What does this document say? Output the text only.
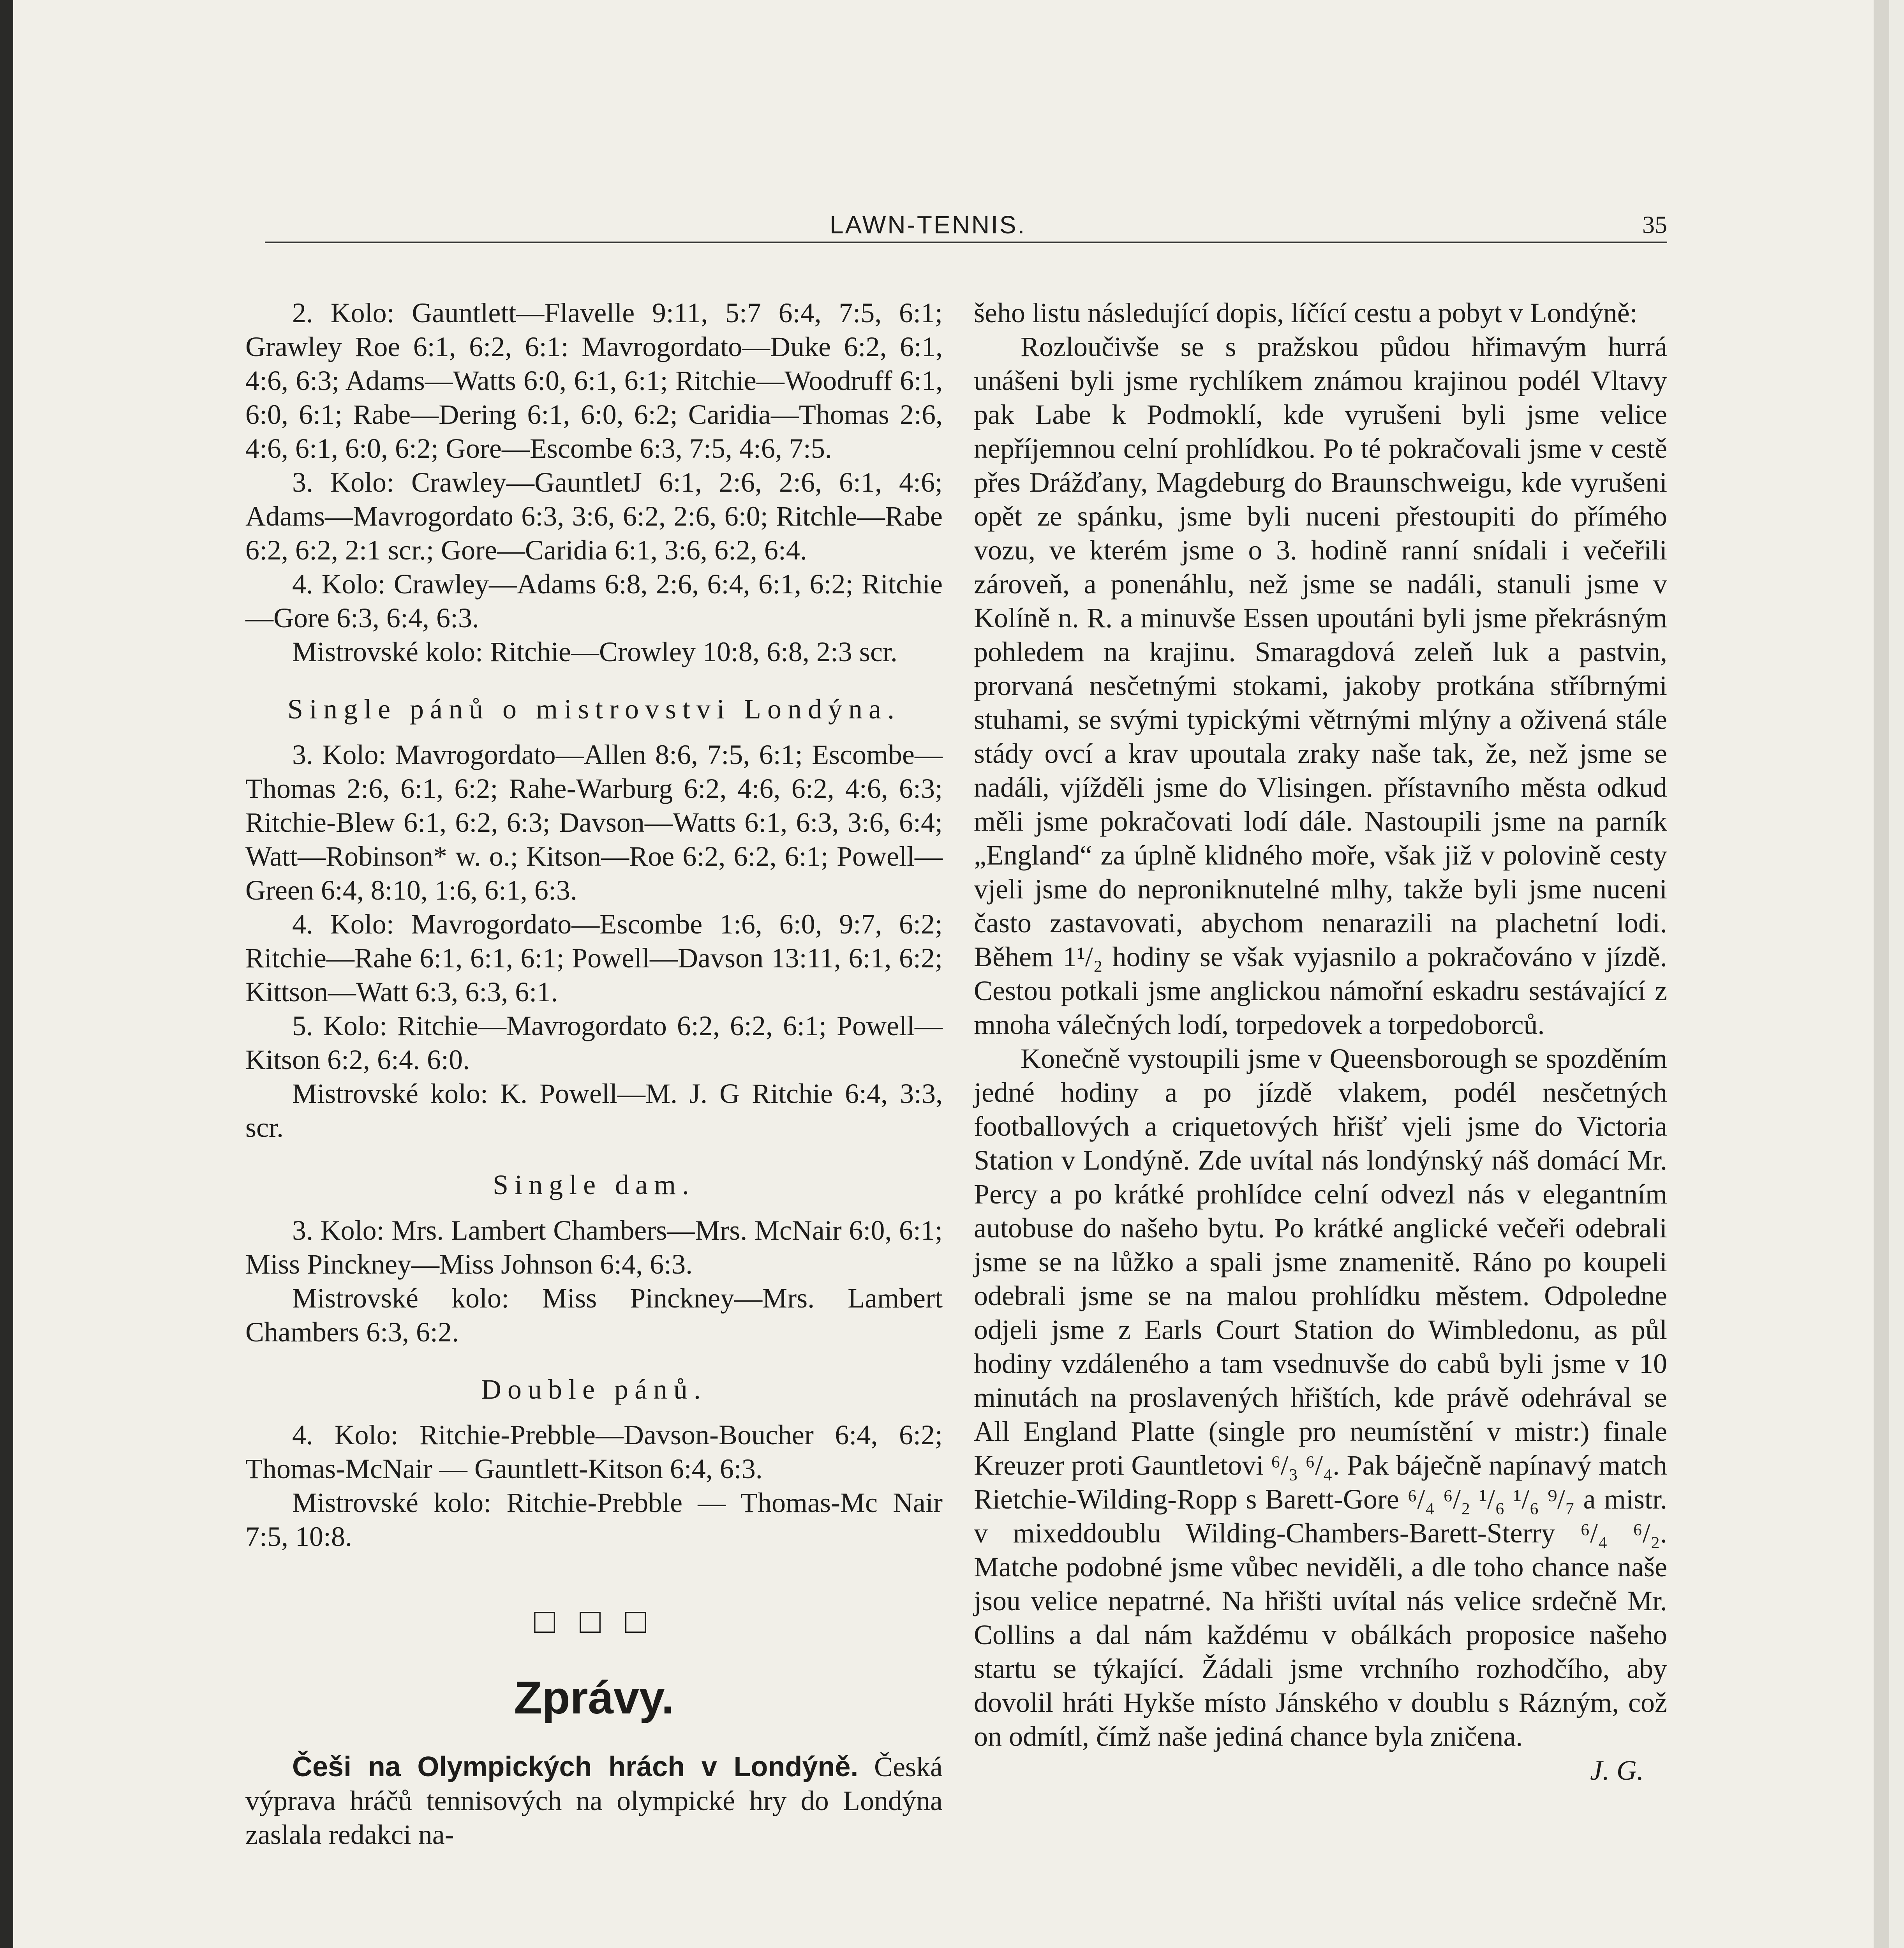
LAWN-TENNIS.	35

2. Kolo: Gauntlett—Flavelle 9:11, 5:7 6:4, 7:5, 6:1; Grawley Roe 6:1, 6:2, 6:1: Mavrogordato—Duke 6:2, 6:1, 4:6, 6:3; Adams—Watts 6:0, 6:1, 6:1; Ritchie—Woodruff 6:1, 6:0, 6:1; Rabe—Dering 6:1, 6:0, 6:2; Caridia—Thomas 2:6, 4:6, 6:1, 6:0, 6:2; Gore—Escombe 6:3, 7:5, 4:6, 7:5.

3. Kolo: Crawley—GauntletJ 6:1, 2:6, 2:6, 6:1, 4:6; Adams—Mavrogordato 6:3, 3:6, 6:2, 2:6, 6:0; Ritchle—Rabe 6:2, 6:2, 2:1 scr.; Gore—Caridia 6:1, 3:6, 6:2, 6:4.

4. Kolo: Crawley—Adams 6:8, 2:6, 6:4, 6:1, 6:2; Ritchie—Gore 6:3, 6:4, 6:3.

Mistrovské kolo: Ritchie—Crowley 10:8, 6:8, 2:3 scr.

Single pánů o mistrovstvi Londýna.

3. Kolo: Mavrogordato—Allen 8:6, 7:5, 6:1; Escombe—Thomas 2:6, 6:1, 6:2; Rahe-Warburg 6:2, 4:6, 6:2, 4:6, 6:3; Ritchie-Blew 6:1, 6:2, 6:3; Davson—Watts 6:1, 6:3, 3:6, 6:4; Watt—Robinson* w. o.; Kitson—Roe 6:2, 6:2, 6:1; Powell—Green 6:4, 8:10, 1:6, 6:1, 6:3.

4. Kolo: Mavrogordato—Escombe 1:6, 6:0, 9:7, 6:2; Ritchie—Rahe 6:1, 6:1, 6:1; Powell—Davson 13:11, 6:1, 6:2; Kittson—Watt 6:3, 6:3, 6:1.

5. Kolo: Ritchie—Mavrogordato 6:2, 6:2, 6:1; Powell—Kitson 6:2, 6:4. 6:0.

Mistrovské kolo: K. Powell—M. J. G Ritchie 6:4, 3:3, scr.

Single dam.

3. Kolo: Mrs. Lambert Chambers—Mrs. McNair 6:0, 6:1; Miss Pinckney—Miss Johnson 6:4, 6:3.

Mistrovské kolo: Miss Pinckney—Mrs. Lambert Chambers 6:3, 6:2.

Double pánů.

4. Kolo: Ritchie-Prebble—Davson-Boucher 6:4, 6:2; Thomas-McNair — Gauntlett-Kitson 6:4, 6:3.

Mistrovské kolo: Ritchie-Prebble — Thomas-Mc Nair 7:5, 10:8.

□ □ □
Zprávy.

Češi na Olympických hrách v Londýně. Česká výprava hráčů tennisových na olympické hry do Londýna zaslala redakci na-

šeho listu následující dopis, líčící cestu a pobyt v Londýně:

Rozloučivše se s pražskou půdou hřimavým hurrá unášeni byli jsme rychlíkem známou krajinou podél Vltavy pak Labe k Podmoklí, kde vyrušeni byli jsme velice nepříjemnou celní prohlídkou. Po té pokračovali jsme v cestě přes Drážďany, Magdeburg do Braunschweigu, kde vyrušeni opět ze spánku, jsme byli nuceni přestoupiti do přímého vozu, ve kterém jsme o 3. hodině ranní snídali i večeřili zároveň, a ponenáhlu, než jsme se nadáli, stanuli jsme v Kolíně n. R. a minuvše Essen upoutáni byli jsme překrásným pohledem na krajinu. Smaragdová zeleň luk a pastvin, prorvaná nesčetnými stokami, jakoby protkána stříbrnými stuhami, se svými typickými větrnými mlýny a oživená stále stády ovcí a krav upoutala zraky naše tak, že, než jsme se nadáli, vjížděli jsme do Vlisingen. přístavního města odkud měli jsme pokračovati lodí dále. Nastoupili jsme na parník „England“ za úplně klidného moře, však již v polovině cesty vjeli jsme do neproniknutelné mlhy, takže byli jsme nuceni často zastavovati, abychom nenarazili na plachetní lodi. Během 1¹/₂ hodiny se však vyjasnilo a pokračováno v jízdě. Cestou potkali jsme anglickou námořní eskadru sestávající z mnoha válečných lodí, torpedovek a torpedoborců.

Konečně vystoupili jsme v Queensborough se spozděním jedné hodiny a po jízdě vlakem, podél nesčetných footballových a criquetových hřišť vjeli jsme do Victoria Station v Londýně. Zde uvítal nás londýnský náš domácí Mr. Percy a po krátké prohlídce celní odvezl nás v elegantním autobuse do našeho bytu. Po krátké anglické večeři odebrali jsme se na lůžko a spali jsme znamenitě. Ráno po koupeli odebrali jsme se na malou prohlídku městem. Odpoledne odjeli jsme z Earls Court Station do Wimbledonu, as půl hodiny vzdáleného a tam vsednuvše do cabů byli jsme v 10 minutách na proslavených hřištích, kde právě odehrával se All England Platte (single pro neumístění v mistr:) finale Kreuzer proti Gauntletovi ⁶/₃ ⁶/₄. Pak báječně napínavý match Rietchie-Wilding-Ropp s Barett-Gore ⁶/₄ ⁶/₂ ¹/₆ ¹/₆ ⁹/₇ a mistr. v mixeddoublu Wilding-Chambers-Barett-Sterry ⁶/₄ ⁶/₂. Matche podobné jsme vůbec neviděli, a dle toho chance naše jsou velice nepatrné. Na hřišti uvítal nás velice srdečně Mr. Collins a dal nám každému v obálkách proposice našeho startu se týkající. Žádali jsme vrchního rozhodčího, aby dovolil hráti Hykše místo Jánského v doublu s Rázným, což on odmítl, čímž naše jediná chance byla zničena.

J. G.
